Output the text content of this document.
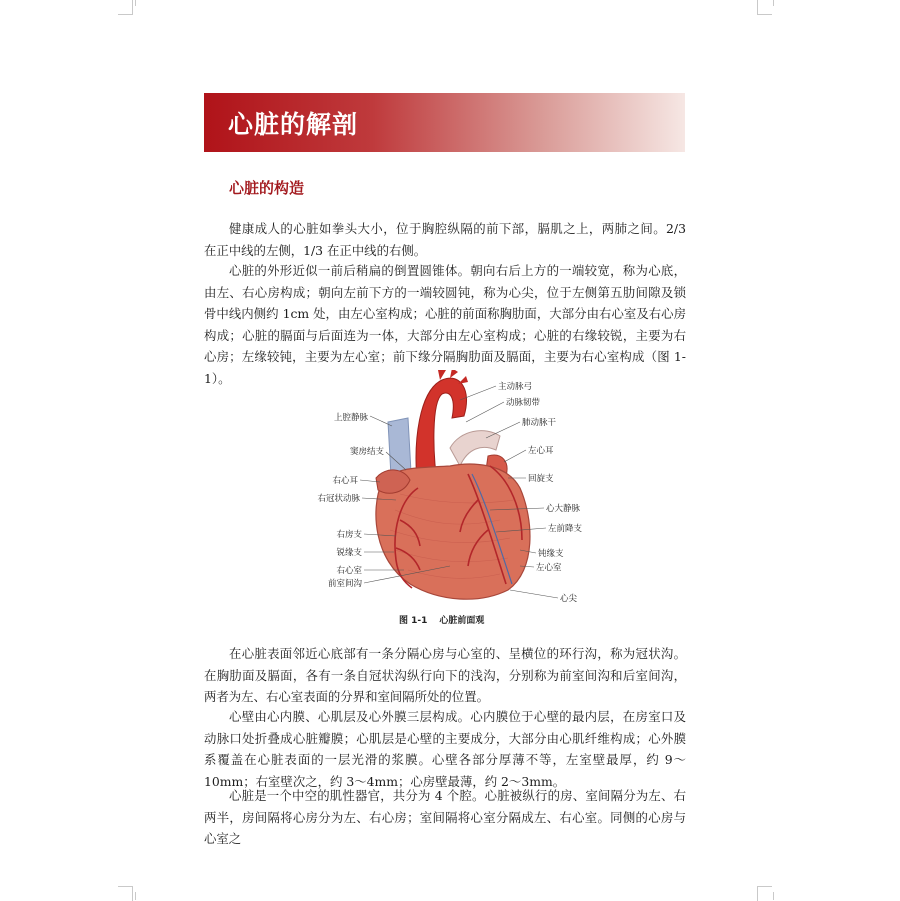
心脏的解剖
心脏的构造

健康成人的心脏如拳头大小，位于胸腔纵隔的前下部，膈肌之上，两肺之间。2/3 在正中线的左侧，1/3 在正中线的右侧。

心脏的外形近似一前后稍扁的倒置圆锥体。朝向右后上方的一端较宽，称为心底，由左、右心房构成；朝向左前下方的一端较圆钝，称为心尖，位于左侧第五肋间隙及锁骨中线内侧约 1cm 处，由左心室构成；心脏的前面称胸肋面，大部分由右心室及右心房构成；心脏的膈面与后面连为一体，大部分由左心室构成；心脏的右缘较锐，主要为右心房；左缘较钝，主要为左心室；前下缘分隔胸肋面及膈面，主要为右心室构成（图 1-1）。

上腔静脉
窦房结支
右心耳
右冠状动脉
右房支
锐缘支
右心室
前室间沟
主动脉弓
动脉韧带
肺动脉干
左心耳
回旋支
心大静脉
左前降支
钝缘支
左心室
心尖
图 1-1 心脏前面观

在心脏表面邻近心底部有一条分隔心房与心室的、呈横位的环行沟，称为冠状沟。在胸肋面及膈面，各有一条自冠状沟纵行向下的浅沟，分别称为前室间沟和后室间沟，两者为左、右心室表面的分界和室间隔所处的位置。

心壁由心内膜、心肌层及心外膜三层构成。心内膜位于心壁的最内层，在房室口及动脉口处折叠成心脏瓣膜；心肌层是心壁的主要成分，大部分由心肌纤维构成；心外膜系覆盖在心脏表面的一层光滑的浆膜。心壁各部分厚薄不等，左室壁最厚，约 9～10mm；右室壁次之，约 3～4mm；心房壁最薄，约 2～3mm。

心脏是一个中空的肌性器官，共分为 4 个腔。心脏被纵行的房、室间隔分为左、右两半，房间隔将心房分为左、右心房；室间隔将心室分隔成左、右心室。同侧的心房与心室之
